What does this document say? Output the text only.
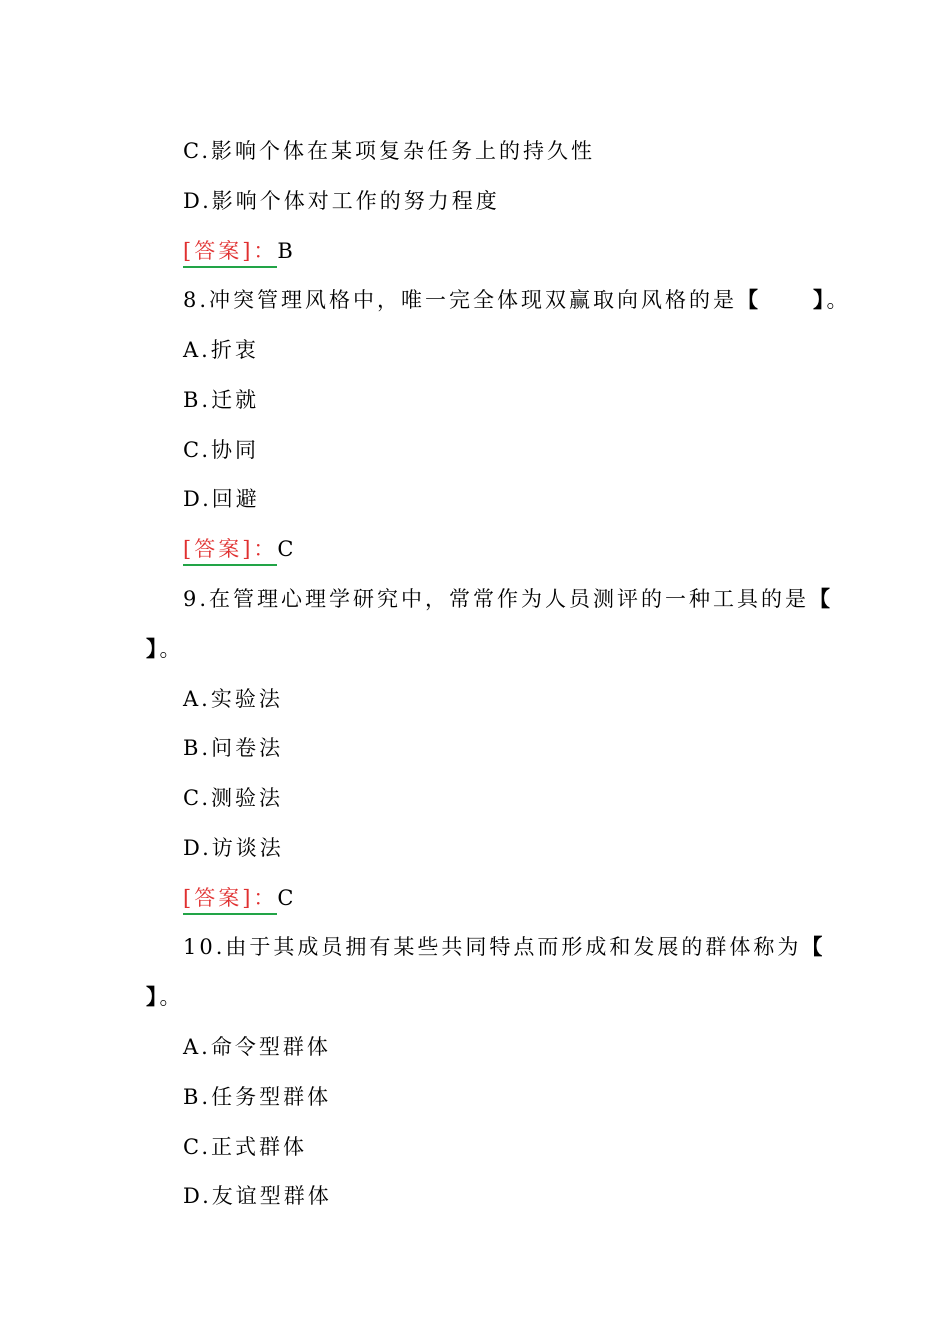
C.影响个体在某项复杂任务上的持久性
D.影响个体对工作的努力程度
[答案]：B
8.冲突管理风格中，唯一完全体现双赢取向风格的是【 】。
A.折衷
B.迁就
C.协同
D.回避
[答案]：C
9.在管理心理学研究中，常常作为人员测评的一种工具的是【
】。
A.实验法
B.问卷法
C.测验法
D.访谈法
[答案]：C
10.由于其成员拥有某些共同特点而形成和发展的群体称为【
】。
A.命令型群体
B.任务型群体
C.正式群体
D.友谊型群体
